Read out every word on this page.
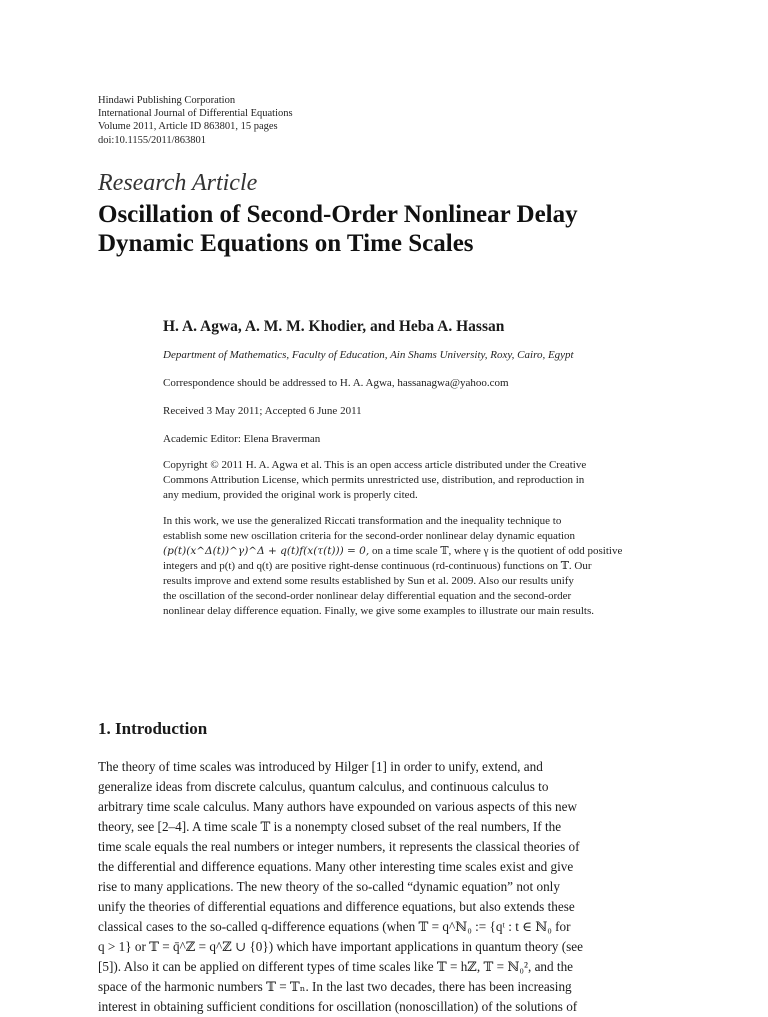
Hindawi Publishing Corporation
International Journal of Differential Equations
Volume 2011, Article ID 863801, 15 pages
doi:10.1155/2011/863801
Research Article
Oscillation of Second-Order Nonlinear Delay
Dynamic Equations on Time Scales
H. A. Agwa, A. M. M. Khodier, and Heba A. Hassan
Department of Mathematics, Faculty of Education, Ain Shams University, Roxy, Cairo, Egypt
Correspondence should be addressed to H. A. Agwa, hassanagwa@yahoo.com
Received 3 May 2011; Accepted 6 June 2011
Academic Editor: Elena Braverman
Copyright © 2011 H. A. Agwa et al. This is an open access article distributed under the Creative
Commons Attribution License, which permits unrestricted use, distribution, and reproduction in
any medium, provided the original work is properly cited.
In this work, we use the generalized Riccati transformation and the inequality technique to
establish some new oscillation criteria for the second-order nonlinear delay dynamic equation
(p(t)(x^Δ(t))^γ)^Δ + q(t)f(x(τ(t))) = 0, on a time scale 𝕋, where γ is the quotient of odd positive
integers and p(t) and q(t) are positive right-dense continuous (rd-continuous) functions on 𝕋. Our
results improve and extend some results established by Sun et al. 2009. Also our results unify
the oscillation of the second-order nonlinear delay differential equation and the second-order
nonlinear delay difference equation. Finally, we give some examples to illustrate our main results.
1. Introduction
The theory of time scales was introduced by Hilger [1] in order to unify, extend, and
generalize ideas from discrete calculus, quantum calculus, and continuous calculus to
arbitrary time scale calculus. Many authors have expounded on various aspects of this new
theory, see [2–4]. A time scale 𝕋 is a nonempty closed subset of the real numbers, If the
time scale equals the real numbers or integer numbers, it represents the classical theories of
the differential and difference equations. Many other interesting time scales exist and give
rise to many applications. The new theory of the so-called “dynamic equation” not only
unify the theories of differential equations and difference equations, but also extends these
classical cases to the so-called q-difference equations (when 𝕋 = q^ℕ₀ := {qᵗ : t ∈ ℕ₀ for
q > 1} or 𝕋 = q̄^ℤ = q^ℤ ∪ {0}) which have important applications in quantum theory (see
[5]). Also it can be applied on different types of time scales like 𝕋 = hℤ, 𝕋 = ℕ₀², and the
space of the harmonic numbers 𝕋 = 𝕋ₙ. In the last two decades, there has been increasing
interest in obtaining sufficient conditions for oscillation (nonoscillation) of the solutions of
